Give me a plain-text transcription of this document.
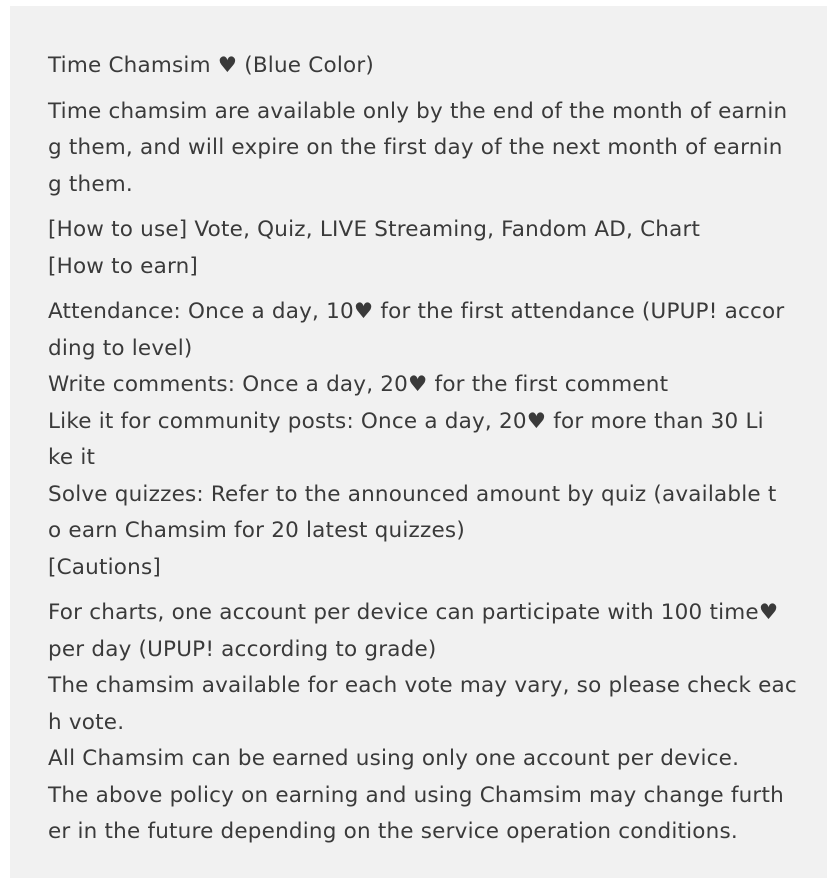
Time Chamsim ♥ (Blue Color)
Time chamsim are available only by the end of the month of earnin
g them, and will expire on the first day of the next month of earnin
g them.
[How to use] Vote, Quiz, LIVE Streaming, Fandom AD, Chart
[How to earn]
Attendance: Once a day, 10♥ for the first attendance (UPUP! accor
ding to level)
Write comments: Once a day, 20♥ for the first comment
Like it for community posts: Once a day, 20♥ for more than 30 Li
ke it
Solve quizzes: Refer to the announced amount by quiz (available t
o earn Chamsim for 20 latest quizzes)
[Cautions]
For charts, one account per device can participate with 100 time♥
per day (UPUP! according to grade)
The chamsim available for each vote may vary, so please check eac
h vote.
All Chamsim can be earned using only one account per device.
The above policy on earning and using Chamsim may change furth
er in the future depending on the service operation conditions.
